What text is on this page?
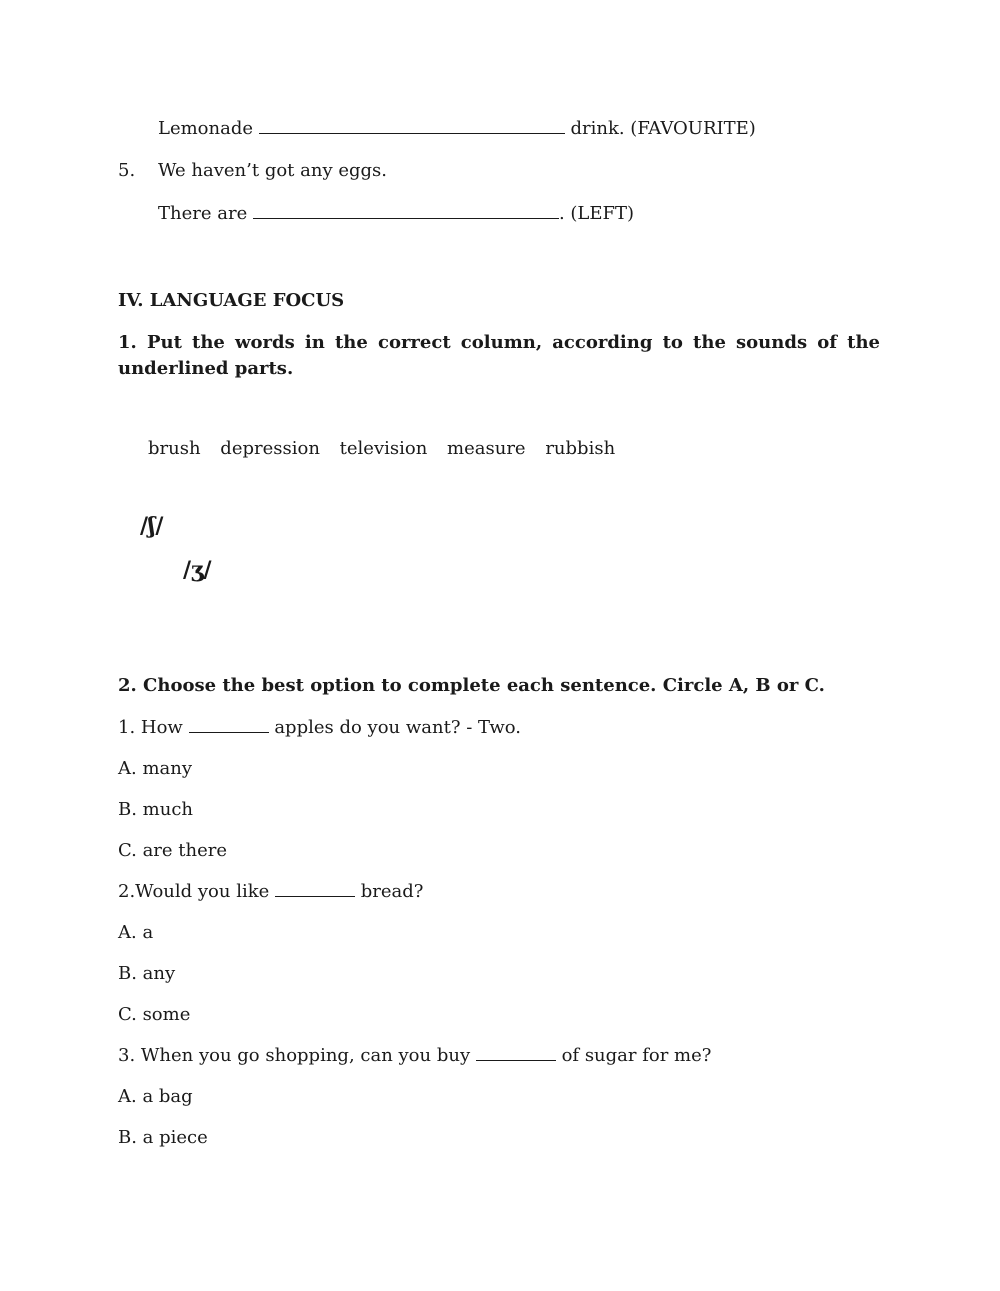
Lemonade	drink. (FAVOURITE)
5. We haven’t got any eggs.
There are	. (LEFT)
IV. LANGUAGE FOCUS
1. Put the words in the correct column, according to the sounds of the underlined parts.
brush depression television measure rubbish
/ʃ/
/ʒ/
2. Choose the best option to complete each sentence. Circle A, B or C.
1. How	apples do you want? - Two.
A. many
B. much
C. are there
2.Would you like	bread?
A. a
B. any
C. some
3. When you go shopping, can you buy	of sugar for me?
A. a bag
B. a piece
